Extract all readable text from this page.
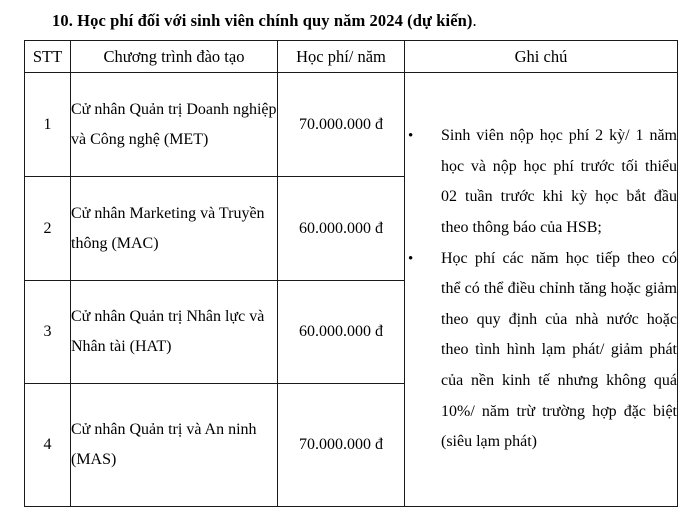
10. Học phí đối với sinh viên chính quy năm 2024 (dự kiến).
STT	Chương trình đào tạo	Học phí/ năm	Ghi chú
1	Cử nhân Quản trị Doanh nghiệp và Công nghệ (MET)	70.000.000 đ	
•	Sinh viên nộp học phí 2 kỳ/ 1 năm học và nộp học phí trước tối thiểu 02 tuần trước khi kỳ học bắt đầu theo thông báo của HSB;
•	Học phí các năm học tiếp theo có thể có thể điều chỉnh tăng hoặc giảm theo quy định của nhà nước hoặc theo tình hình lạm phát/ giảm phát của nền kinh tế nhưng không quá 10%/ năm trừ trường hợp đặc biệt (siêu lạm phát)

2	Cử nhân Marketing và Truyền thông (MAC)	60.000.000 đ	
3	Cử nhân Quản trị Nhân lực và Nhân tài (HAT)	60.000.000 đ	
4	Cử nhân Quản trị và An ninh (MAS)	70.000.000 đ	
